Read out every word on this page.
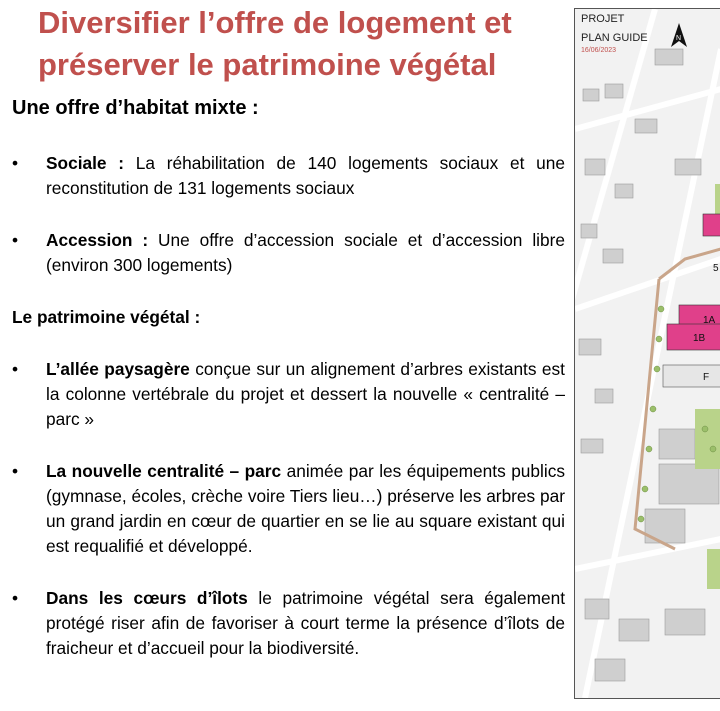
Diversifier l’offre de logement et
préserver le patrimoine végétal
Une offre d’habitat mixte :
• Sociale : La réhabilitation de 140 logements sociaux et une reconstitution de 131 logements sociaux
• Accession : Une offre d’accession sociale et d’accession libre (environ 300 logements)
Le patrimoine végétal :
• L’allée paysagère conçue sur un alignement d’arbres existants est la colonne vertébrale du projet et dessert la nouvelle « centralité – parc »
• La nouvelle centralité – parc animée par les équipements publics (gymnase, écoles, crèche voire Tiers lieu…) préserve les arbres par un grand jardin en cœur de quartier en se lie au square existant qui est requalifié et développé.
• Dans les cœurs d’îlots le patrimoine végétal sera également protégé riser afin de favoriser à court terme la présence d’îlots de fraicheur et d’accueil pour la biodiversité.
5
1A
1B
F
N
PROJET
PLAN GUIDE
16/06/2023
